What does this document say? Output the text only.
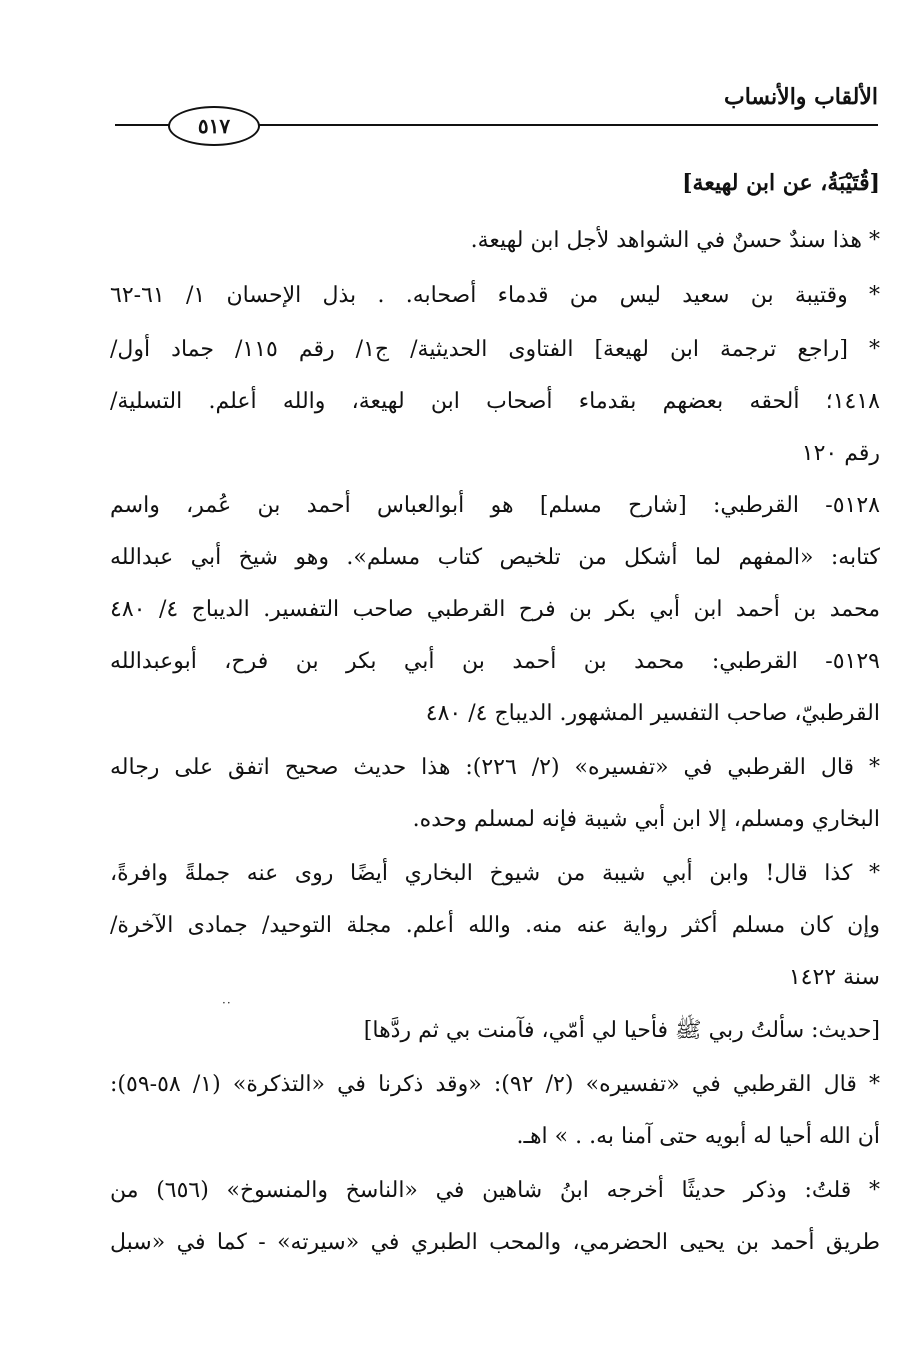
الألقاب والأنساب
٥١٧
[قُتَيْبَةُ، عن ابن لهيعة]
* هذا سندٌ حسنٌ في الشواهد لأجل ابن لهيعة.
* وقتيبة بن سعيد ليس من قدماء أصحابه. . بذل الإحسان ١/ ٦١-٦٢
* [راجع ترجمة ابن لهيعة] الفتاوى الحديثية/ ج١/ رقم ١١٥/ جماد أول/
١٤١٨؛ ألحقه بعضهم بقدماء أصحاب ابن لهيعة، والله أعلم. التسلية/
رقم ١٢٠
٥١٢٨- القرطبي: [شارح مسلم] هو أبوالعباس أحمد بن عُمر، واسم
كتابه: «المفهم لما أشكل من تلخيص كتاب مسلم». وهو شيخ أبي عبدالله
محمد بن أحمد ابن أبي بكر بن فرح القرطبي صاحب التفسير. الديباج ٤/ ٤٨٠
٥١٢٩- القرطبي: محمد بن أحمد بن أبي بكر بن فرح، أبوعبدالله
القرطبيّ، صاحب التفسير المشهور. الديباج ٤/ ٤٨٠
* قال القرطبي في «تفسيره» (٢/ ٢٢٦): هذا حديث صحيح اتفق على رجاله
البخاري ومسلم، إلا ابن أبي شيبة فإنه لمسلم وحده.
* كذا قال! وابن أبي شيبة من شيوخ البخاري أيضًا روى عنه جملةً وافرةً،
وإن كان مسلم أكثر رواية عنه منه. والله أعلم. مجلة التوحيد/ جمادى الآخرة/
سنة ١٤٢٢
··
[حديث: سألتُ ربي ﷺ فأحيا لي أمّي، فآمنت بي ثم ردَّها]
* قال القرطبي في «تفسيره» (٢/ ٩٢): «وقد ذكرنا في «التذكرة» (١/ ٥٨-٥٩):
أن الله أحيا له أبويه حتى آمنا به. . » اهـ.
* قلتُ: وذكر حديثًا أخرجه ابنُ شاهين في «الناسخ والمنسوخ» (٦٥٦) من
طريق أحمد بن يحيى الحضرمي، والمحب الطبري في «سيرته» - كما في «سبل
